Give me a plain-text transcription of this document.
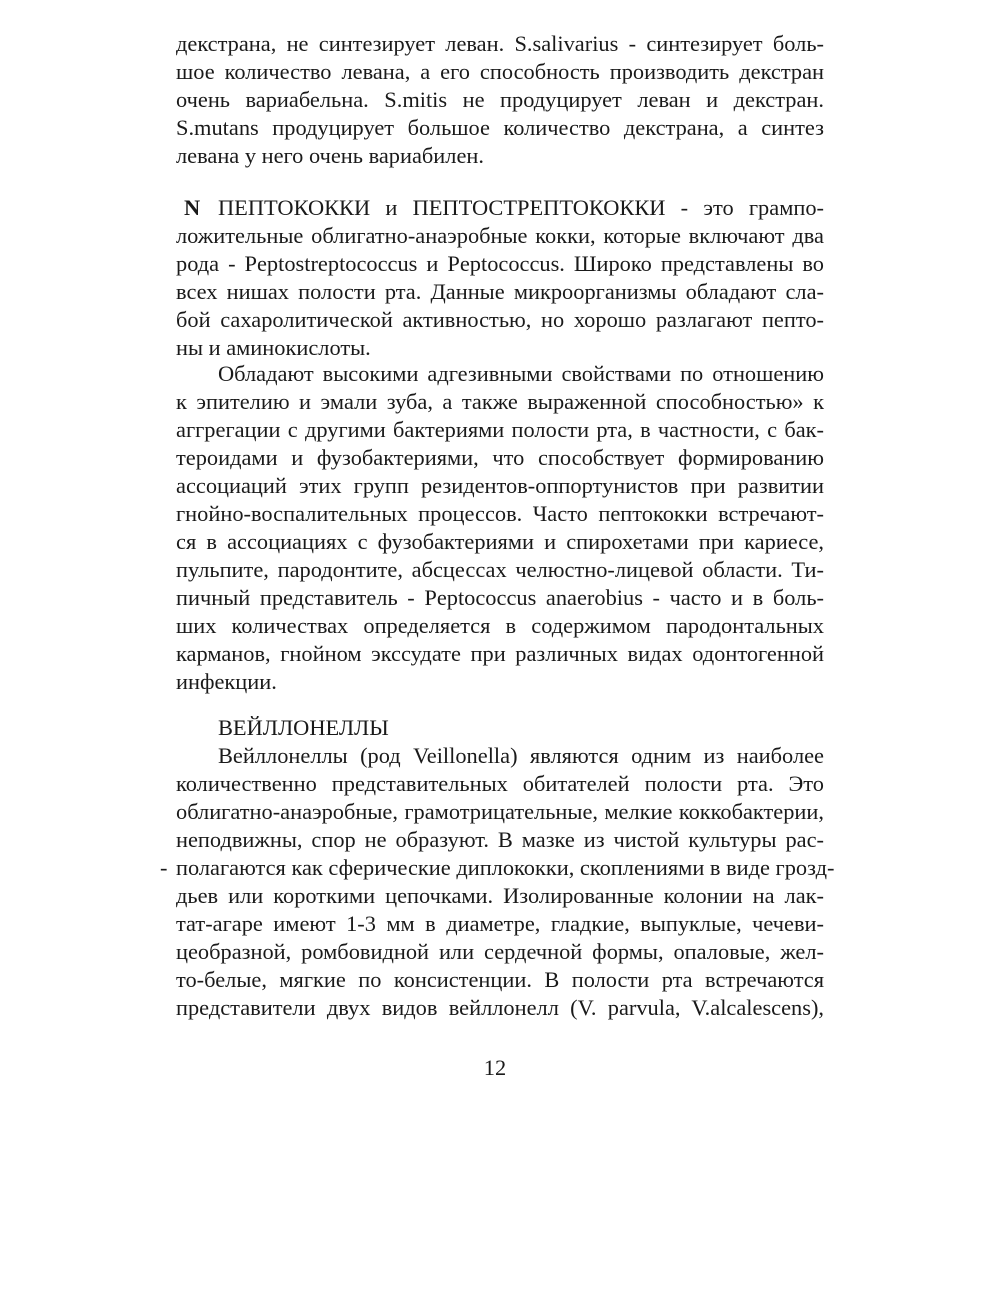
декстрана, не синтезирует леван. S.salivarius - синтезирует боль-
шое количество левана, а его способность производить декстран
очень вариабельна. S.mitis не продуцирует леван и декстран.
S.mutans продуцирует большое количество декстрана, а синтез
левана у него очень вариабилен.
N ПЕПТОКОККИ и ПЕПТОСТРЕПТОКОККИ - это грампо-
ложительные облигатно-анаэробные кокки, которые включают два
рода - Peptostreptococcus и Peptococcus. Широко представлены во
всех нишах полости рта. Данные микроорганизмы обладают сла-
бой сахаролитической активностью, но хорошо разлагают пепто-
ны и аминокислоты.
Обладают высокими адгезивными свойствами по отношению
к эпителию и эмали зуба, а также выраженной способностью» к
аггрегации с другими бактериями полости рта, в частности, с бак-
тероидами и фузобактериями, что способствует формированию
ассоциаций этих групп резидентов-оппортунистов при развитии
гнойно-воспалительных процессов. Часто пептококки встречают-
ся в ассоциациях с фузобактериями и спирохетами при кариесе,
пульпите, пародонтите, абсцессах челюстно-лицевой области. Ти-
пичный представитель - Peptococcus anaerobius - часто и в боль-
ших количествах определяется в содержимом пародонтальных
карманов, гнойном экссудате при различных видах одонтогенной
инфекции.
ВЕЙЛЛОНЕЛЛЫ
Вейллонеллы (род Veillonella) являются одним из наиболее
количественно представительных обитателей полости рта. Это
облигатно-анаэробные, грамотрицательные, мелкие коккобактерии,
неподвижны, спор не образуют. В мазке из чистой культуры рас-
- полагаются как сферические диплококки, скоплениями в виде грозд-
дьев или короткими цепочками. Изолированные колонии на лак-
тат-агаре имеют 1-3 мм в диаметре, гладкие, выпуклые, чечеви-
цеобразной, ромбовидной или сердечной формы, опаловые, жел-
то-белые, мягкие по консистенции. В полости рта встречаются
представители двух видов вейллонелл (V. parvula, V.alcalescens),
12
